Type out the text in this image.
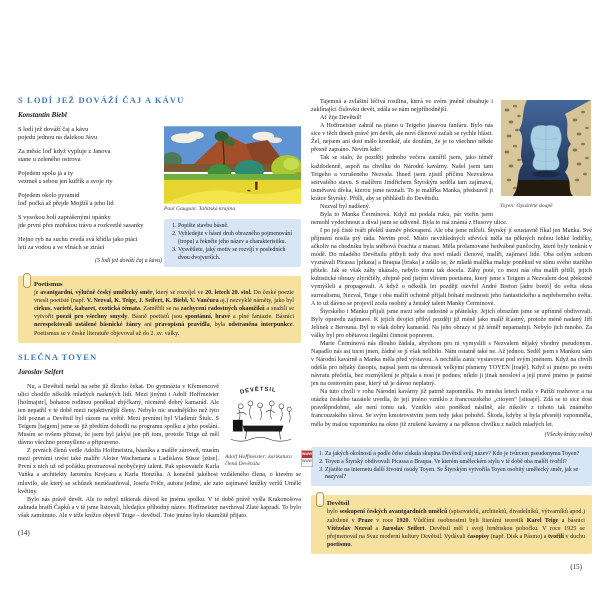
S LODÍ JEŽ DOVÁŽÍ ČAJ A KÁVU
Konstantin Biebl
S lodí jež dováží čaj a kávu
pojedu jednou na dalekou Jávu
Za měsíc loď když vypluje z Janova
stane u zeleného ostrova
Pojedem spolu já a ty
vezmeš s sebou jen kufřík a svoje rty
Pojedem okolo pyramid
loď počká až přejde Mojžíš a jeho lid
S vysokou holí zaprášenými opánky
jde první přes mořskou trávu a rozkvetlé sasanky
Hejno ryb na suchu zvedá svá křídla jako ptáci
letí za vodou a ve vlnách se ztrácí
(S lodí jež dováží čaj a kávu)
Paul Gauguin: Tahitská krajina
1. Popište stavbu básně.
2. Vyhledejte v básni druh obrazného pojmenování (tropu) a řekněte jeho název a charakteristiku.
3. Vysvětlete, jaký motiv se rozvíjí v posledních dvou dvojverších.
Poetismus
je avantgardní, výlučně český umělecký směr, který se rozvíjel ve 20. letech 20. stol. Do české poezie vnesli poetisté (např. V. Nezval, K. Teige, J. Seifert, K. Biebl, V. Vančura aj.) nezvyklé náměty, jako byl cirkus, varieté, kabaret, exotická témata. Zaměřili se na zachycení radostných okamžiků a snažili se vytvořit poezii pro všechny smysly. Básně poetistů jsou spontánní, hravé a plné fantazie. Básníci nerespektovali ustálené básnické žánry ani pravopisná pravidla, byla odstraněna interpunkce. Poetismus se v české literatuře objevoval až do 2. sv. války.
SLEČNA TOYEN
Jaroslav Seifert
DEVĚTSIL
Adolf Hoffmeister: karikatura členů Devětsilu

Nu, a Devětsil nedal na sebe již dlouho čekat. Do gymnázia v Křemencově ulici chodilo několik mladých nadaných lidí. Mezi jinými i Adolf Hoffmeister [hofmajstr], bohatou rodinou poněkud zhýčkaný, nicméně dobrý kamarád. Ale ten nepatřil v té době mezi nejaktivnější členy. Nebylo nic snadnějšího než tyto lidi poznat a Devětsil byl rázem na světě. Mezi prvními byl Vladimír Štulc. S Teigem [tajgem] jsme se již předtím dohodli na programu spolku a jeho poslání. Musím se ovšem přiznat, že jsem byl jakýsi jen při tom, protože Teige už měl dávno všechno promyšleno a připraveno.

Z prvních členů vedle Adolfa Hoffmeistra, básníka a malíře zároveň, musím mezi prvními uvést také malíře Aloise Wachsmana a Ladislava Süsse [züse]. První z nich už od počátku prozrazoval neobyčejný talent. Pak spisovatele Karla Vaňka a architekty Jaromíra Krejcara a Karla Honzíka. A konečně jakéhosi vzdáleného člena, o kterém se mluvilo, ale který se schůzek nezúčastňoval, Josefa Friče, autora jediné, ale zato zajímavé knížky veršů Umělé květiny.

Bylo nás právě devět. Ale to nebyl nikterak důvod ke jménu spolku. V té době právě vyšla Krakonošova zahrada bratří Čapků a v té jsme listovali, hledajíce příhodný název. Hoffmeister navrhoval Zlaté kapradí. To bylo však zamítnuto. Ale v téže knížce objevil Teige – devětsil. Toto jméno bylo okamžitě přijato.

(14)
Toyen: Opuštěné doupě

Tajemná a zvláštní léčivá rostlina, která ve svém jméně obsahuje i zaklínající číslovku devět, zdála se nám nejpříhodnější.

Ať žije Devětsil!

A Hoffmeister zahrál na piano u Teigeho jásavou fanfáru. Bylo nás sice v těch dnech právě jen devět, ale noví členové začali se rychle hlásit. Žel, nejsem ani dost málo kronikář, ale doufám, že je to všechno někde přesně zapsáno. Nevím kde!

Tak se stalo, že později jednoho večera zamířil jsem, jako téměř každodenně, aspoň na chvilku do Národní kavárny. Našel jsem tam Teigeho a vzrušeného Nezvala. Ihned jsem zjistil příčinu Nezvalova setrvalého stavu. S malířem Jindřichem Štyrským seděla tam zajímavá, usměvavá dívka, kterou jsme neznali. To je malířka Manka, představil ji krátce Štyrský. Přišli, aby se přihlásili do Devětsilu.

Nezval byl nadšený.

Byla to Manka Čermínová. Když mi podala ruku, pár vteřin jsem nemohl vydechnout a díval jsem se udiveně. Byla to má známá z Husovy ulice.

I po její čisté tváři přelétl úsměv překvapení. Ale oba jsme mlčeli. Štyrský jí soustavně říkal jen Manka. Své příjmení nosila prý ráda. Nevím proč. Místo nevzhledných střevíců měla na pěkných nohou lehké lodičky, ačkoliv na chodníku byla sněhová čvachta a marast. Měla prolamované hedvábné punčochy, které byly tenkrát v módě. Do mladého Devětsilu přibyli tedy dva noví mladí členové, malíři, zajímaví lidé. Oba celým srdcem vyznávali Picassa [pikasa] a Braqua [braka] a zdálo se, že mladá malířka maluje poněkud ve stínu svého staršího přítele. Jak se však záhy ukázalo, nebylo tomu tak docela. Záhy poté, co mezi nás oba malíři přišli, jejich kubistické obrazy zlyričtěly, zřejmě pod jistým vlivem poetismu, který jsme s Teigem a Nezvalem dost překotně vymýšleli a propagovali. A když o několik let později otevřel André Breton [ádre bretó] do světa okna surrealismu, Nezval, Teige i oba malíři ochotně přijali bohaté možnosti jeho fantastického a nepřeberného světa. A to už dávno se projevil zcela osobitý a ženský talent Manky Čermínové.

Štyrského i Manku přijali jsme mezi sebe radostně a přátelsky. Jejich obrazům jsme se upřímně obdivovali. Byly opravdu zajímavé. K jejich dvojici přibyl později již méně jako malíř šťastný, protože méně nadaný Jiří Jelínek z Berouna. Byl to však dobrý kamarád. Na jeho obrazy si již téměř nepamatuji. Nebylo jich mnoho. Za války byl pro obětavou ilegální činnost popraven.

Marie Čermínová nás dlouho žádala, abychom pro ni vymyslili s Nezvalem nějaký vhodný pseudonym. Napadlo nás asi tucet jmen, žádné se jí však nelíbilo. Nám ostatně také ne. Až jednou. Seděl jsem s Mankou sám v Národní kavárně a Manka měla před výstavou. A nechtěla zanic vystavovat pod svým jménem. Když na chvíli odešla pro nějaký časopis, napsal jsem na ubrousek velkými písmeny TOYEN [toajé]. Když si jméno po svém návratu přečetla, bez rozmýšlení je přijala a nosí je podnes; nikdo ji jinak neosloví a její pravé jméno je patrné jen na cestovním pase, který už je dávno neplatný.

Na tuto chvíli v rohu Národní kavárny již patrně zapomněla. Po mnoha letech měla v Paříži rozhovor a na otázku českého tazatele uvedla, že její jméno vzniklo z francouzského „citoyen“ [sitoajé]. Zdá se to sice dost pravděpodobné, ale není tomu tak. Vzniklo sice poněkud násilně, ale nikoliv z tohoto tak známého francouzského slova. Se svým kmotrovstvím jsem tedy jaksi pohořel. Škoda, kdyby si byla přesněji vzpomněla, měla by malou vzpomínku na okno již zrušené kavárny a na pěknou chvilku z našich mladých let.

(Všecky krásy světa)
WWW
WWW
1. Za jakých okolností a podle čeho získala skupina Devětsil svůj název? Kdo je tvůrcem pseudonymu Toyen?
2. Toyen a Štyrský obdivovali Picassa a Braqua. Ve kterém uměleckém stylu v té době oba malíři tvořili?
3. Zjistěte na internetu další životní osudy Toyen. Se Štyrským vytvořila Toyen osobitý umělecký směr, jak se nazýval?
Devětsil
bylo seskupení českých avantgardních umělců (spisovatelů, architektů, divadelníků, výtvarníků apod.) založené v Praze v roce 1920. Vůdčími osobnostmi byli literární teoretik Karel Teige a básníci Vítězslav Nezval a Jaroslav Seifert. Devětsil měl i svoji brněnskou pobočku. V roce 1925 se přejmenoval na Svaz moderní kultury Devětsil. Vydávali časopisy (např. Disk a Pásmo) a tvořili v duchu poetismu.
(15)
